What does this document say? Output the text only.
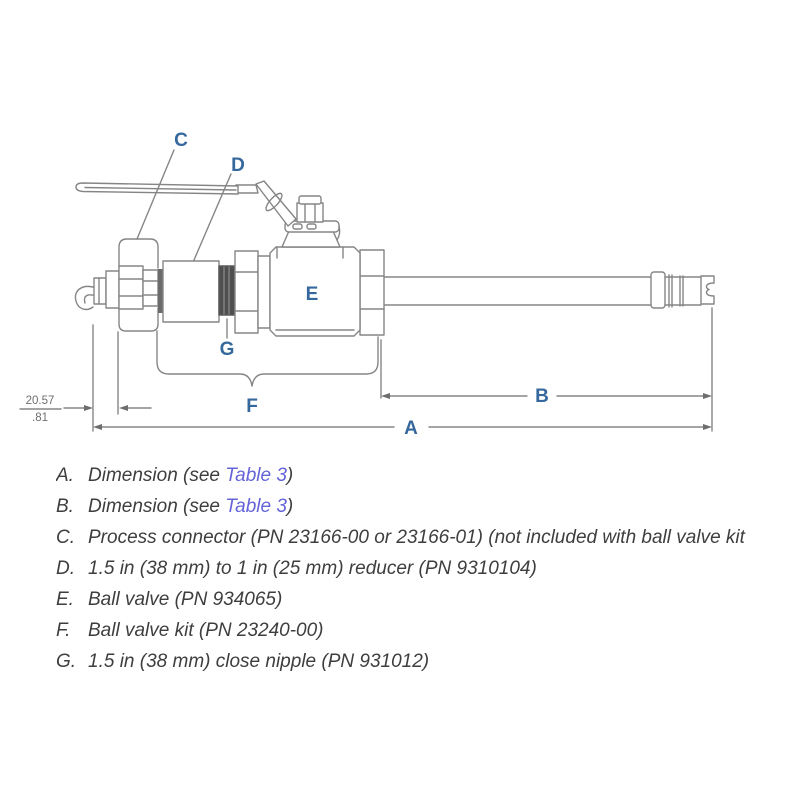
20.57
.81
C
D
E
G
F	B
A
A. Dimension (see Table 3)
B. Dimension (see Table 3)
C. Process connector (PN 23166-00 or 23166-01) (not included with ball valve kit
D. 1.5 in (38 mm) to 1 in (25 mm) reducer (PN 9310104)
E. Ball valve (PN 934065)
F. Ball valve kit (PN 23240-00)
G. 1.5 in (38 mm) close nipple (PN 931012)
